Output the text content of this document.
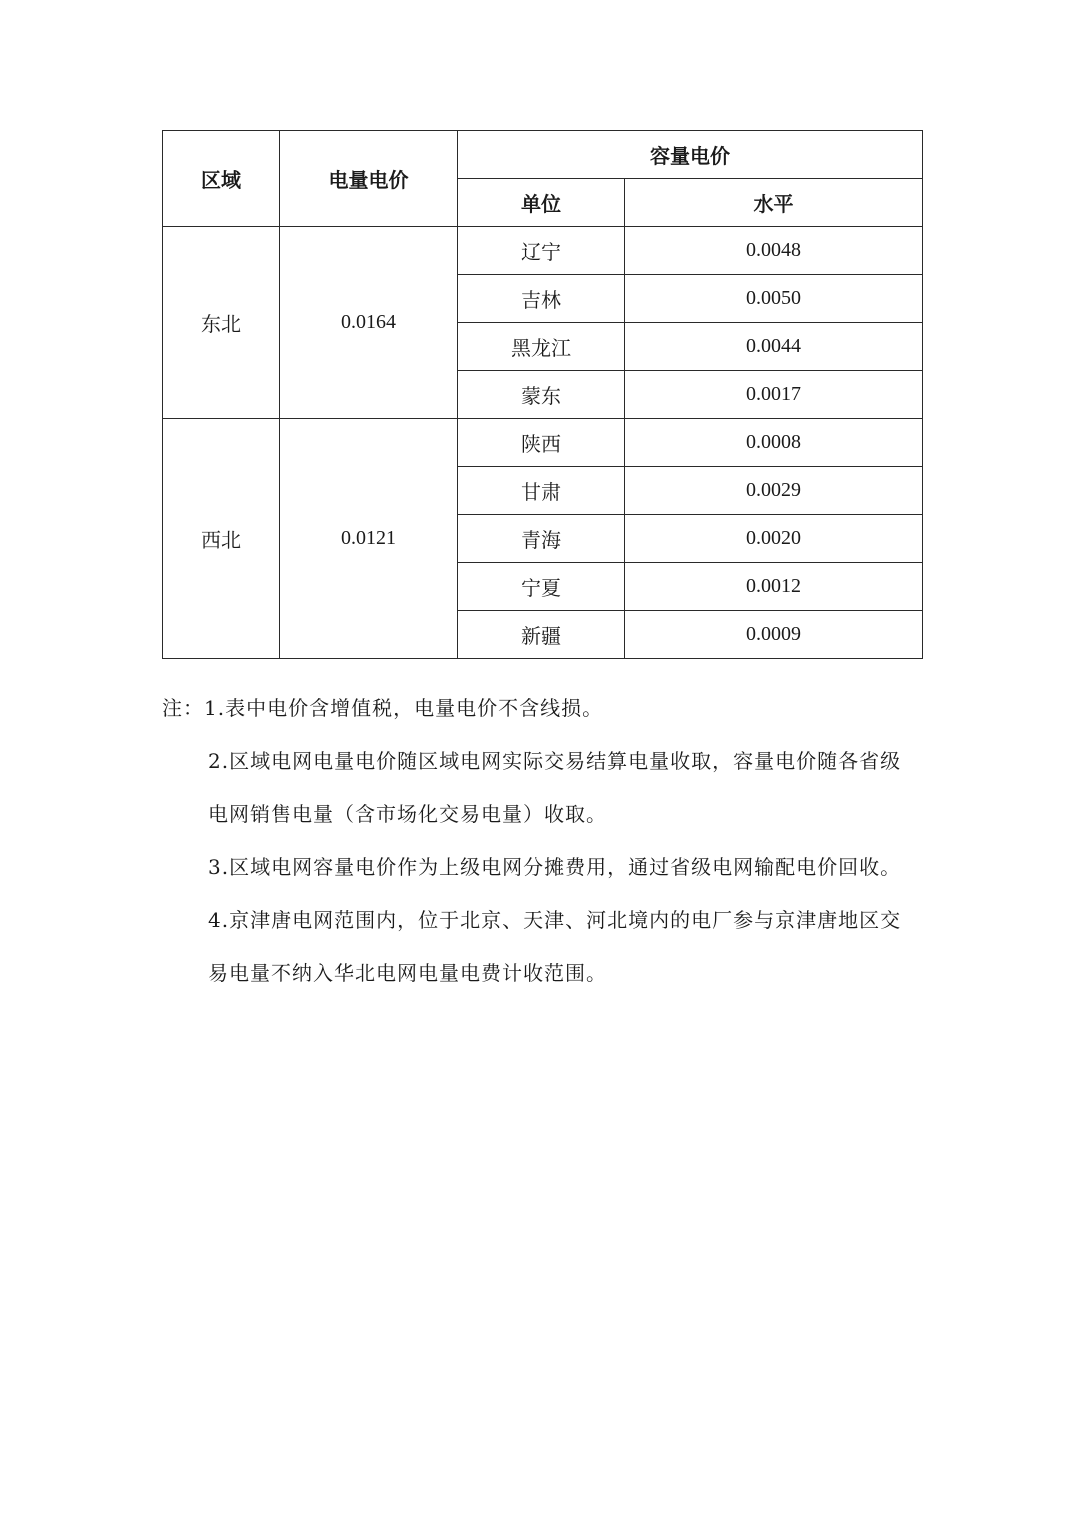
区域	电量电价	容量电价	
		单位	水平
东北	0.0164	辽宁	0.0048
		吉林	0.0050
		黑龙江	0.0044
		蒙东	0.0017
西北	0.0121	陕西	0.0008
		甘肃	0.0029
		青海	0.0020
		宁夏	0.0012
		新疆	0.0009
注：1.表中电价含增值税，电量电价不含线损。
2.区域电网电量电价随区域电网实际交易结算电量收取，容量电价随各省级
电网销售电量（含市场化交易电量）收取。
3.区域电网容量电价作为上级电网分摊费用，通过省级电网输配电价回收。
4.京津唐电网范围内，位于北京、天津、河北境内的电厂参与京津唐地区交
易电量不纳入华北电网电量电费计收范围。
